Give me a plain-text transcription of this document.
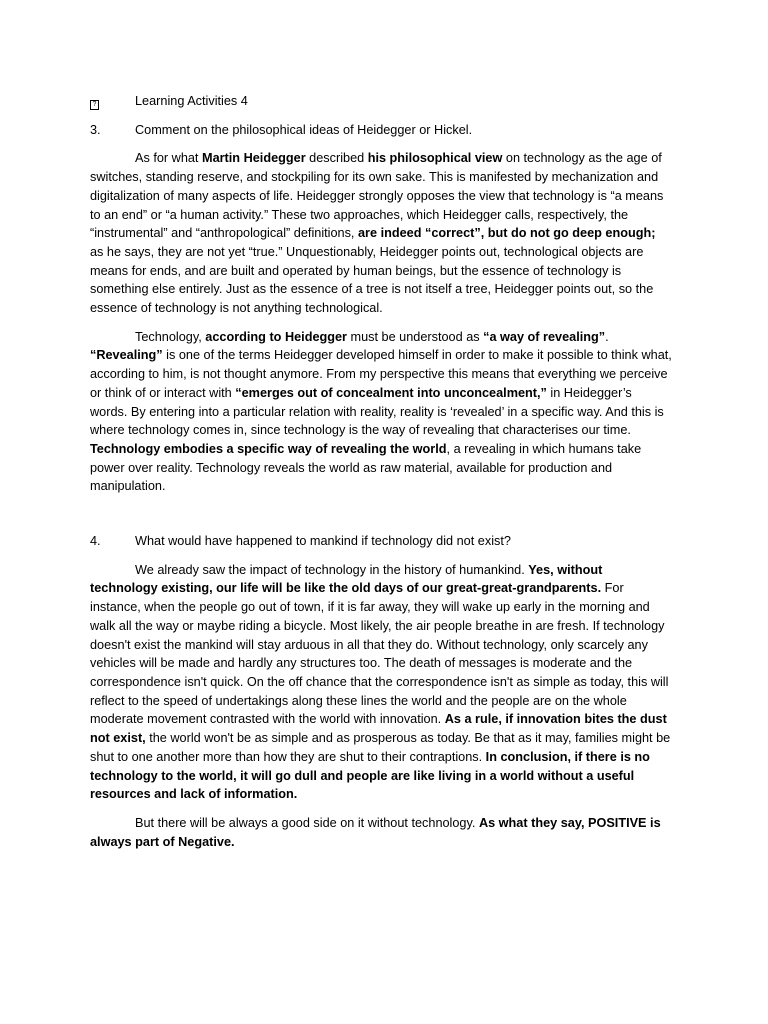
?	Learning Activities 4
3.	Comment on the philosophical ideas of Heidegger or Hickel.

As for what Martin Heidegger described his philosophical view on technology as the age of switches, standing reserve, and stockpiling for its own sake. This is manifested by mechanization and digitalization of many aspects of life. Heidegger strongly opposes the view that technology is “a means to an end” or “a human activity.” These two approaches, which Heidegger calls, respectively, the “instrumental” and “anthropological” definitions, are indeed “correct”, but do not go deep enough; as he says, they are not yet “true.” Unquestionably, Heidegger points out, technological objects are means for ends, and are built and operated by human beings, but the essence of technology is something else entirely. Just as the essence of a tree is not itself a tree, Heidegger points out, so the essence of technology is not anything technological.

Technology, according to Heidegger must be understood as “a way of revealing”. “Revealing” is one of the terms Heidegger developed himself in order to make it possible to think what, according to him, is not thought anymore. From my perspective this means that everything we perceive or think of or interact with “emerges out of concealment into unconcealment,” in Heidegger’s words. By entering into a particular relation with reality, reality is ‘revealed’ in a specific way. And this is where technology comes in, since technology is the way of revealing that characterises our time. Technology embodies a specific way of revealing the world, a revealing in which humans take power over reality. Technology reveals the world as raw material, available for production and manipulation.

4.	What would have happened to mankind if technology did not exist?

We already saw the impact of technology in the history of humankind. Yes, without technology existing, our life will be like the old days of our great-great-grandparents. For instance, when the people go out of town, if it is far away, they will wake up early in the morning and walk all the way or maybe riding a bicycle. Most likely, the air people breathe in are fresh. If technology doesn't exist the mankind will stay arduous in all that they do. Without technology, only scarcely any vehicles will be made and hardly any structures too. The death of messages is moderate and the correspondence isn't quick. On the off chance that the correspondence isn't as simple as today, this will reflect to the speed of undertakings along these lines the world and the people are on the whole moderate movement contrasted with the world with innovation. As a rule, if innovation bites the dust not exist, the world won't be as simple and as prosperous as today. Be that as it may, families might be shut to one another more than how they are shut to their contraptions. In conclusion, if there is no technology to the world, it will go dull and people are like living in a world without a useful resources and lack of information.

But there will be always a good side on it without technology. As what they say, POSITIVE is always part of Negative.
